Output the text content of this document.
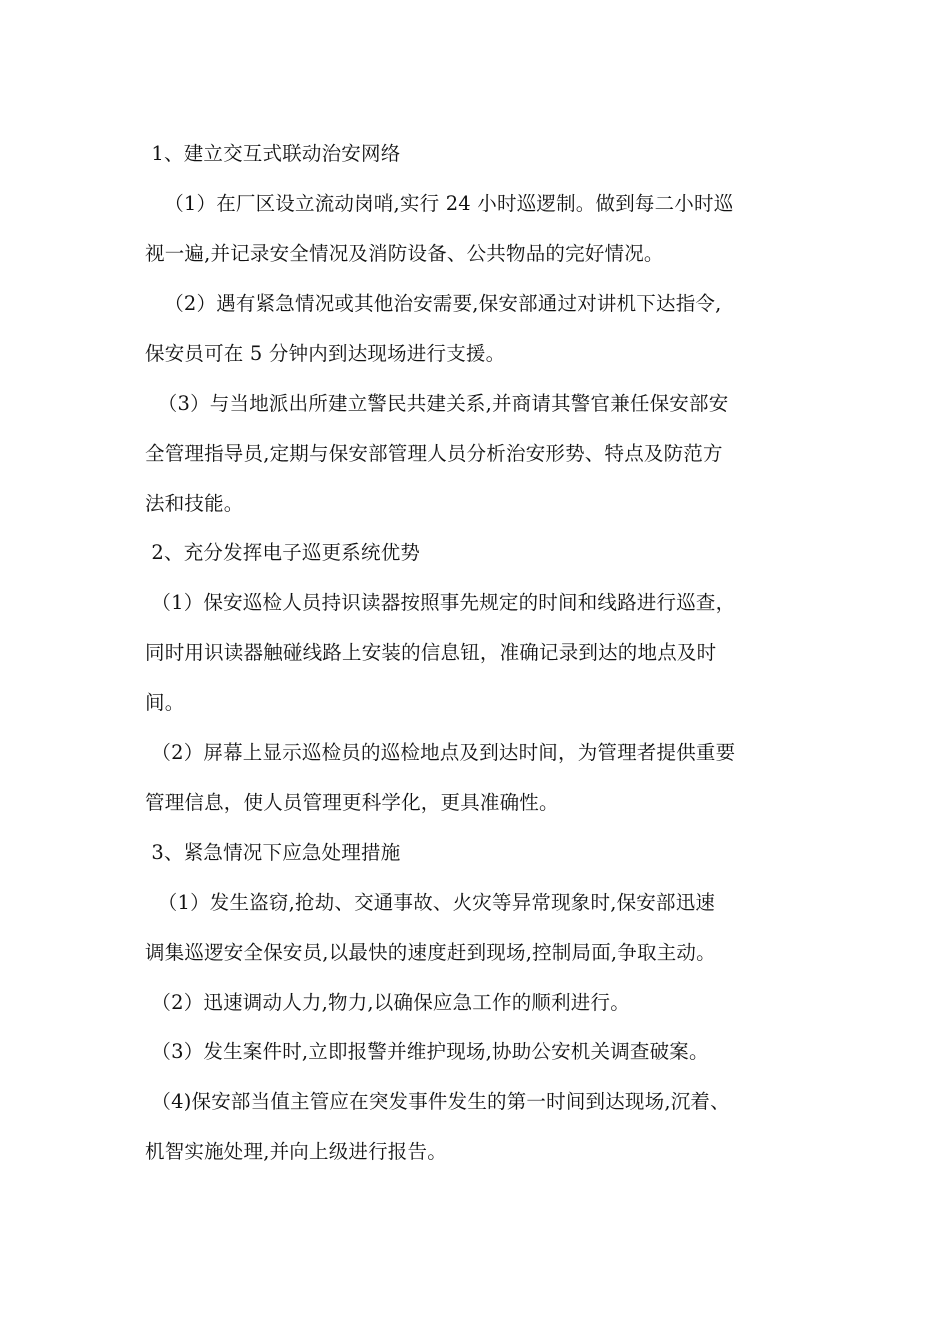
1、建立交互式联动治安网络
（1）在厂区设立流动岗哨,实行 24 小时巡逻制。做到每二小时巡
视一遍,并记录安全情况及消防设备、公共物品的完好情况。
（2）遇有紧急情况或其他治安需要,保安部通过对讲机下达指令,
保安员可在 5 分钟内到达现场进行支援。
（3）与当地派出所建立警民共建关系,并商请其警官兼任保安部安
全管理指导员,定期与保安部管理人员分析治安形势、特点及防范方
法和技能。
2、充分发挥电子巡更系统优势
（1）保安巡检人员持识读器按照事先规定的时间和线路进行巡查，
同时用识读器触碰线路上安装的信息钮，准确记录到达的地点及时
间。
（2）屏幕上显示巡检员的巡检地点及到达时间，为管理者提供重要
管理信息，使人员管理更科学化，更具准确性。
3、紧急情况下应急处理措施
（1）发生盗窃,抢劫、交通事故、火灾等异常现象时,保安部迅速
调集巡逻安全保安员,以最快的速度赶到现场,控制局面,争取主动。
（2）迅速调动人力,物力,以确保应急工作的顺利进行。
（3）发生案件时,立即报警并维护现场,协助公安机关调查破案。
（4)保安部当值主管应在突发事件发生的第一时间到达现场,沉着、
机智实施处理,并向上级进行报告。
